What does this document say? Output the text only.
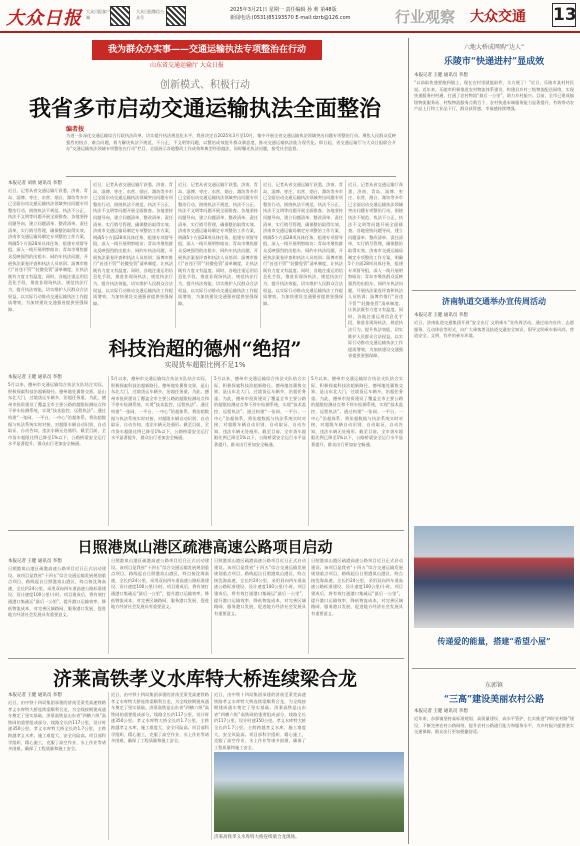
大众日报 大众日报客户端
大众日报微信公众号
2025年3月21日 星期一 责任编辑 孙 莉 第48版
新闻电话:(0531)85193570 E-mail:dzrb@126.com	行业观察 大众交通 13
我为群众办实事——交通运输执法专项整治在行动
山东省交通运输厅 大众日报
创新模式、积极行动
我省多市启动交通运输执法全面整治
编者按
为进一步深化交通运输综合行政执法改革，切实提升执法规范化水平，我省决定自2025年3月至10月，集中开展全省交通运输执法领域突出问题专项整治行动。聚焦人民群众反映强烈的热点、难点问题，着力解决执法不规范、不公正、不文明等问题，以整治成效提升群众满意度，推动交通运输执法能力现代化。即日起，省交通运输厅与大众日报联合开办“交通运输执法领域专项整治在行动”栏目，全面展示各地整改工作成效和典型经验做法，同时曝光执法问题，接受社会监督。
本报记者 刘欣 通讯员 李想
近日，记者从省交通运输厅获悉，济南、青岛、淄博、枣庄、东营、烟台、潍坊等多市已全面启动交通运输执法领域突出问题专项整治行动，围绕执法不规范、执法不公正、执法不文明等问题开展全面排查。各地坚持问题导向，建立问题清单、整改清单、责任清单，实行销号管理，确保整治取得实效。济南市交通运输局制定专项整治工作方案，明确5个方面28项具体任务，组建专项督导组，深入一线开展明察暗访；青岛市聚焦群众反映强烈的出租车、网约车执法问题，开展执法案卷评查和执法人员培训；淄博市推行“首违不罚”“轻微免罚”清单制度，让执法既有力度又有温度。同时，各地注重运用信息化手段，推进非现场执法，规范执法行为，提升执法效能，切实维护人民群众合法权益，以实际行动推动交通运输执法工作提质增效，为加快建设交通强省提供坚强保障。
近日，记者从省交通运输厅获悉，济南、青岛、淄博、枣庄、东营、烟台、潍坊等多市已全面启动交通运输执法领域突出问题专项整治行动，围绕执法不规范、执法不公正、执法不文明等问题开展全面排查。各地坚持问题导向，建立问题清单、整改清单、责任清单，实行销号管理，确保整治取得实效。济南市交通运输局制定专项整治工作方案，明确5个方面28项具体任务，组建专项督导组，深入一线开展明察暗访；青岛市聚焦群众反映强烈的出租车、网约车执法问题，开展执法案卷评查和执法人员培训；淄博市推行“首违不罚”“轻微免罚”清单制度，让执法既有力度又有温度。同时，各地注重运用信息化手段，推进非现场执法，规范执法行为，提升执法效能，切实维护人民群众合法权益，以实际行动推动交通运输执法工作提质增效，为加快建设交通强省提供坚强保障。
近日，记者从省交通运输厅获悉，济南、青岛、淄博、枣庄、东营、烟台、潍坊等多市已全面启动交通运输执法领域突出问题专项整治行动，围绕执法不规范、执法不公正、执法不文明等问题开展全面排查。各地坚持问题导向，建立问题清单、整改清单、责任清单，实行销号管理，确保整治取得实效。济南市交通运输局制定专项整治工作方案，明确5个方面28项具体任务，组建专项督导组，深入一线开展明察暗访；青岛市聚焦群众反映强烈的出租车、网约车执法问题，开展执法案卷评查和执法人员培训；淄博市推行“首违不罚”“轻微免罚”清单制度，让执法既有力度又有温度。同时，各地注重运用信息化手段，推进非现场执法，规范执法行为，提升执法效能，切实维护人民群众合法权益，以实际行动推动交通运输执法工作提质增效，为加快建设交通强省提供坚强保障。
近日，记者从省交通运输厅获悉，济南、青岛、淄博、枣庄、东营、烟台、潍坊等多市已全面启动交通运输执法领域突出问题专项整治行动，围绕执法不规范、执法不公正、执法不文明等问题开展全面排查。各地坚持问题导向，建立问题清单、整改清单、责任清单，实行销号管理，确保整治取得实效。济南市交通运输局制定专项整治工作方案，明确5个方面28项具体任务，组建专项督导组，深入一线开展明察暗访；青岛市聚焦群众反映强烈的出租车、网约车执法问题，开展执法案卷评查和执法人员培训；淄博市推行“首违不罚”“轻微免罚”清单制度，让执法既有力度又有温度。同时，各地注重运用信息化手段，推进非现场执法，规范执法行为，提升执法效能，切实维护人民群众合法权益，以实际行动推动交通运输执法工作提质增效，为加快建设交通强省提供坚强保障。
近日，记者从省交通运输厅获悉，济南、青岛、淄博、枣庄、东营、烟台、潍坊等多市已全面启动交通运输执法领域突出问题专项整治行动，围绕执法不规范、执法不公正、执法不文明等问题开展全面排查。各地坚持问题导向，建立问题清单、整改清单、责任清单，实行销号管理，确保整治取得实效。济南市交通运输局制定专项整治工作方案，明确5个方面28项具体任务，组建专项督导组，深入一线开展明察暗访；青岛市聚焦群众反映强烈的出租车、网约车执法问题，开展执法案卷评查和执法人员培训；淄博市推行“首违不罚”“轻微免罚”清单制度，让执法既有力度又有温度。同时，各地注重运用信息化手段，推进非现场执法，规范执法行为，提升执法效能，切实维护人民群众合法权益，以实际行动推动交通运输执法工作提质增效，为加快建设交通强省提供坚强保障。
科技治超的德州“绝招”
实现货车超限比例不足1%
本报记者 王健 通讯员 李想
5月以来，德州市交通运输综合执法支队结合实际，积极探索科技治超新路径。德州地处冀鲁交界，是山东北大门，过境货运车辆多，治超任务重。为此，德州市投资建设了覆盖全市主要公路的超限检测站点和不停车检测系统，实现“技术监控、远程执法”。通过构建“一张网、一平台、一中心”治超体系，将治超数据与执法系统实时对接，对超限车辆自动识别、自动取证、自动告知，违法车辆无处遁形。截至目前，全市货车超限比例已降至1%以下，公路桥梁安全运行水平显著提升，群众出行更加安全畅通。
5月以来，德州市交通运输综合执法支队结合实际，积极探索科技治超新路径。德州地处冀鲁交界，是山东北大门，过境货运车辆多，治超任务重。为此，德州市投资建设了覆盖全市主要公路的超限检测站点和不停车检测系统，实现“技术监控、远程执法”。通过构建“一张网、一平台、一中心”治超体系，将治超数据与执法系统实时对接，对超限车辆自动识别、自动取证、自动告知，违法车辆无处遁形。截至目前，全市货车超限比例已降至1%以下，公路桥梁安全运行水平显著提升，群众出行更加安全畅通。
5月以来，德州市交通运输综合执法支队结合实际，积极探索科技治超新路径。德州地处冀鲁交界，是山东北大门，过境货运车辆多，治超任务重。为此，德州市投资建设了覆盖全市主要公路的超限检测站点和不停车检测系统，实现“技术监控、远程执法”。通过构建“一张网、一平台、一中心”治超体系，将治超数据与执法系统实时对接，对超限车辆自动识别、自动取证、自动告知，违法车辆无处遁形。截至目前，全市货车超限比例已降至1%以下，公路桥梁安全运行水平显著提升，群众出行更加安全畅通。
5月以来，德州市交通运输综合执法支队结合实际，积极探索科技治超新路径。德州地处冀鲁交界，是山东北大门，过境货运车辆多，治超任务重。为此，德州市投资建设了覆盖全市主要公路的超限检测站点和不停车检测系统，实现“技术监控、远程执法”。通过构建“一张网、一平台、一中心”治超体系，将治超数据与执法系统实时对接，对超限车辆自动识别、自动取证、自动告知，违法车辆无处遁形。截至目前，全市货车超限比例已降至1%以下，公路桥梁安全运行水平显著提升，群众出行更加安全畅通。
日照港岚山港区疏港高速公路项目启动
本报记者 王健 通讯员 李想
日照港岚山港区疏港高速公路项目近日正式启动建设。该项目是我省“十四五”综合交通运输发展规划重点项目，路线起自日照港岚山港区，终点接沈海高速，全长约24公里，采用双向四车道高速公路标准建设，设计速度100公里/小时。项目建成后，将有效打通港口集疏运“最后一公里”，提升港口运输效率，降低物流成本，对完善区域路网、服务港口发展、促进地方经济社会发展具有重要意义。
日照港岚山港区疏港高速公路项目近日正式启动建设。该项目是我省“十四五”综合交通运输发展规划重点项目，路线起自日照港岚山港区，终点接沈海高速，全长约24公里，采用双向四车道高速公路标准建设，设计速度100公里/小时。项目建成后，将有效打通港口集疏运“最后一公里”，提升港口运输效率，降低物流成本，对完善区域路网、服务港口发展、促进地方经济社会发展具有重要意义。
日照港岚山港区疏港高速公路项目近日正式启动建设。该项目是我省“十四五”综合交通运输发展规划重点项目，路线起自日照港岚山港区，终点接沈海高速，全长约24公里，采用双向四车道高速公路标准建设，设计速度100公里/小时。项目建成后，将有效打通港口集疏运“最后一公里”，提升港口运输效率，降低物流成本，对完善区域路网、服务港口发展、促进地方经济社会发展具有重要意义。
日照港岚山港区疏港高速公路项目近日正式启动建设。该项目是我省“十四五”综合交通运输发展规划重点项目，路线起自日照港岚山港区，终点接沈海高速，全长约24公里，采用双向四车道高速公路标准建设，设计速度100公里/小时。项目建成后，将有效打通港口集疏运“最后一公里”，提升港口运输效率，降低物流成本，对完善区域路网、服务港口发展、促进地方经济社会发展具有重要意义。
济莱高铁孝义水库特大桥连续梁合龙
本报记者 王健 通讯员 李想
近日，由中铁十四局集团承建的济南至莱芜高速铁路孝义水库特大桥连续梁顺利合龙，为全线按期建成通车奠定了坚实基础。济莱高铁是山东省“四横六纵”高铁网的重要组成部分，线路全长约117公里，设计时速350公里。孝义水库特大桥全长约1.7公里，主跨跨越孝义水库，施工难度大、安全风险高。项目部科学组织、精心施工，克服了高空作业、水上作业等诸多困难，确保了工程质量和施工安全。
近日，由中铁十四局集团承建的济南至莱芜高速铁路孝义水库特大桥连续梁顺利合龙，为全线按期建成通车奠定了坚实基础。济莱高铁是山东省“四横六纵”高铁网的重要组成部分，线路全长约117公里，设计时速350公里。孝义水库特大桥全长约1.7公里，主跨跨越孝义水库，施工难度大、安全风险高。项目部科学组织、精心施工，克服了高空作业、水上作业等诸多困难，确保了工程质量和施工安全。
近日，由中铁十四局集团承建的济南至莱芜高速铁路孝义水库特大桥连续梁顺利合龙，为全线按期建成通车奠定了坚实基础。济莱高铁是山东省“四横六纵”高铁网的重要组成部分，线路全长约117公里，设计时速350公里。孝义水库特大桥全长约1.7公里，主跨跨越孝义水库，施工难度大、安全风险高。项目部科学组织、精心施工，克服了高空作业、水上作业等诸多困难，确保了工程质量和施工安全。
济莱高铁孝义水库特大桥连续梁合龙现场。
六地大桥成网购“达人”
乐陵市“快递进村”显成效
本报记者 王健 通讯员 李想
“以前取快递要跑到镇上，现在在村里就能取件，太方便了！”近日，乐陵市某村村民说。近年来，乐陵市积极推进农村物流体系建设，构建县乡村三级物流配送网络，实现快递服务村村通，打通了农村物流“最后一公里”，助力乡村振兴。目前，全市已建成镇级物流服务站、村级物流服务点数百个，农村快递末端服务能力显著提升，有效带动农产品上行和工业品下行，群众获得感、幸福感持续增强。
济南轨道交通举办宣传周活动
本报记者 王健 通讯员 李想
近日，济南轨道交通集团开展“安全出行 文明乘车”宣传周活动，通过站内宣传、志愿服务、互动体验等形式，向广大乘客普及轨道交通安全知识，倡导文明乘车新风尚，营造安全、文明、有序的乘车环境。
传递爱的能量，搭建“希望小屋”
东郭镇
“三高”建设美丽农村公路
本报记者 王健 通讯员 李想
近年来，东郭镇坚持高标准规划、高质量建设、高水平管护，扎实推进“四好农村路”建设，不断完善农村公路网络，提升农村公路通行能力和服务水平，为乡村振兴提供坚实交通保障，群众出行更加便捷舒适。
